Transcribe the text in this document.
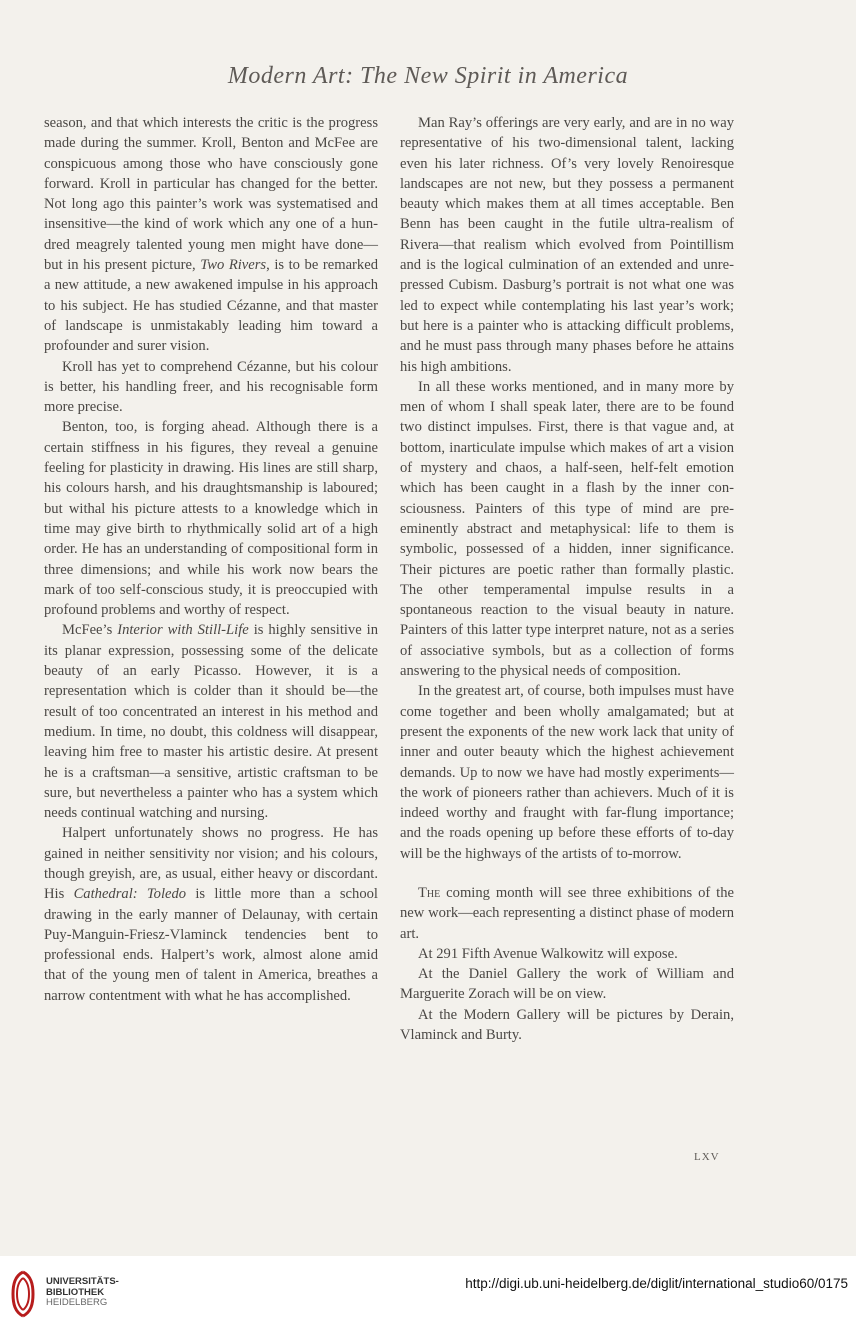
Modern Art: The New Spirit in America

season, and that which interests the critic is the progress made during the summer. Kroll, Benton and McFee are conspicuous among those who have consciously gone forward. Kroll in particular has changed for the better. Not long ago this painter’s work was systematised and insensitive—the kind of work which any one of a hundred meagrely talented young men might have done—but in his present picture, Two Rivers, is to be remarked a new attitude, a new awakened impulse in his approach to his subject. He has studied Cézanne, and that master of landscape is unmistakably leading him toward a profounder and surer vision.

Kroll has yet to comprehend Cézanne, but his colour is better, his handling freer, and his recognisable form more precise.

Benton, too, is forging ahead. Although there is a certain stiffness in his figures, they reveal a genuine feeling for plasticity in drawing. His lines are still sharp, his colours harsh, and his draughtsmanship is laboured; but withal his picture attests to a knowledge which in time may give birth to rhythmically solid art of a high order. He has an understanding of compositional form in three dimensions; and while his work now bears the mark of too self-conscious study, it is preoccupied with profound problems and worthy of respect.

McFee’s Interior with Still-Life is highly sensitive in its planar expression, possessing some of the delicate beauty of an early Picasso. However, it is a representation which is colder than it should be—the result of too concentrated an interest in his method and medium. In time, no doubt, this coldness will disappear, leaving him free to master his artistic desire. At present he is a craftsman—a sensitive, artistic craftsman to be sure, but nevertheless a painter who has a system which needs continual watching and nursing.

Halpert unfortunately shows no progress. He has gained in neither sensitivity nor vision; and his colours, though greyish, are, as usual, either heavy or discordant. His Cathedral: Toledo is little more than a school drawing in the early manner of Delaunay, with certain Puy-Manguin-Friesz-Vlaminck tendencies bent to professional ends. Halpert’s work, almost alone amid that of the young men of talent in America, breathes a narrow contentment with what he has accomplished.

Man Ray’s offerings are very early, and are in no way representative of his two-dimensional talent, lacking even his later richness. Of’s very lovely Renoiresque landscapes are not new, but they possess a permanent beauty which makes them at all times acceptable. Ben Benn has been caught in the futile ultra-realism of Rivera—that realism which evolved from Pointillism and is the logical culmination of an extended and unrepressed Cubism. Dasburg’s portrait is not what one was led to expect while contemplating his last year’s work; but here is a painter who is attacking difficult problems, and he must pass through many phases before he attains his high ambitions.

In all these works mentioned, and in many more by men of whom I shall speak later, there are to be found two distinct impulses. First, there is that vague and, at bottom, inarticulate impulse which makes of art a vision of mystery and chaos, a half-seen, helf-felt emotion which has been caught in a flash by the inner consciousness. Painters of this type of mind are pre-eminently abstract and metaphysical: life to them is symbolic, possessed of a hidden, inner significance. Their pictures are poetic rather than formally plastic. The other temperamental impulse results in a spontaneous reaction to the visual beauty in nature. Painters of this latter type interpret nature, not as a series of associative symbols, but as a collection of forms answering to the physical needs of composition.

In the greatest art, of course, both impulses must have come together and been wholly amalgamated; but at present the exponents of the new work lack that unity of inner and outer beauty which the highest achievement demands. Up to now we have had mostly experiments—the work of pioneers rather than achievers. Much of it is indeed worthy and fraught with far-flung importance; and the roads opening up before these efforts of to-day will be the highways of the artists of to-morrow.

The coming month will see three exhibitions of the new work—each representing a distinct phase of modern art.

At 291 Fifth Avenue Walkowitz will expose.

At the Daniel Gallery the work of William and Marguerite Zorach will be on view.

At the Modern Gallery will be pictures by Derain, Vlaminck and Burty.

LXV
UNIVERSITÄTS-
BIBLIOTHEK
HEIDELBERG
http://digi.ub.uni-heidelberg.de/diglit/international_studio60/0175
